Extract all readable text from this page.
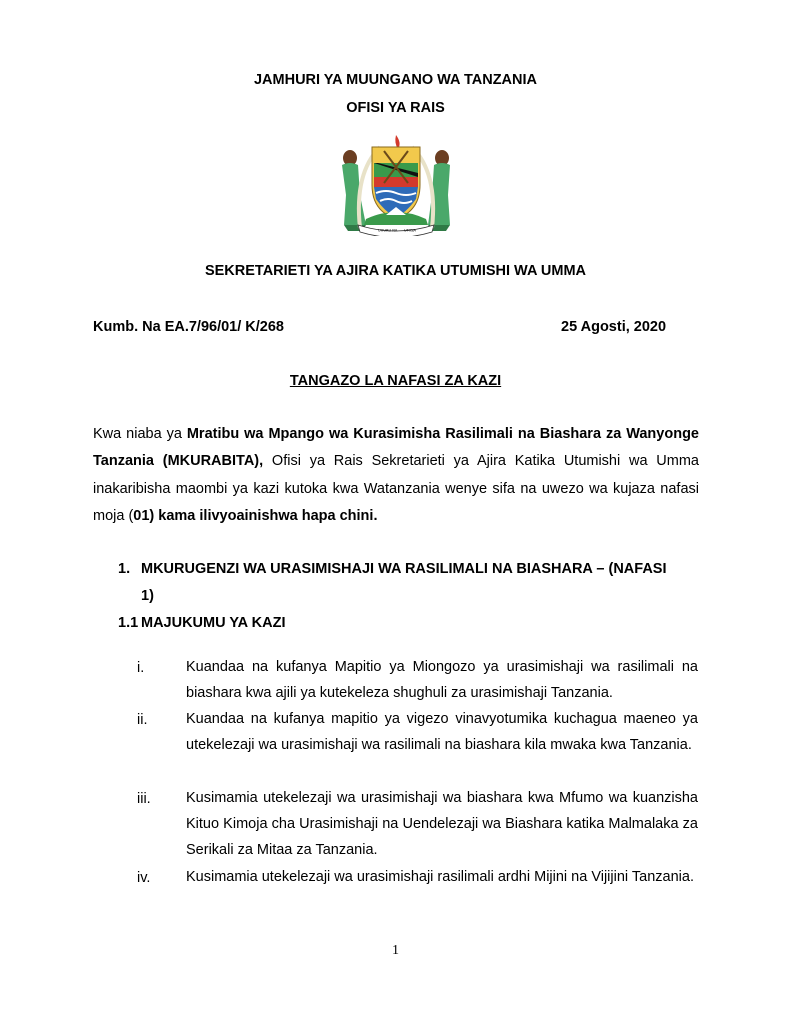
JAMHURI YA MUUNGANO WA TANZANIA
OFISI YA RAIS
UHURU NA UMOJA
SEKRETARIETI YA AJIRA KATIKA UTUMISHI WA UMMA
Kumb. Na EA.7/96/01/ K/268	25 Agosti, 2020
TANGAZO LA NAFASI ZA KAZI
Kwa niaba ya Mratibu wa Mpango wa Kurasimisha Rasilimali na Biashara za Wanyonge Tanzania (MKURABITA), Ofisi ya Rais Sekretarieti ya Ajira Katika Utumishi wa Umma inakaribisha maombi ya kazi kutoka kwa Watanzania wenye sifa na uwezo wa kujaza nafasi moja (01) kama ilivyoainishwa hapa chini.
1. MKURUGENZI WA URASIMISHAJI WA RASILIMALI NA BIASHARA – (NAFASI
1)
1.1 MAJUKUMU YA KAZI
i.	Kuandaa na kufanya Mapitio ya Miongozo ya urasimishaji wa rasilimali na biashara kwa ajili ya kutekeleza shughuli za urasimishaji Tanzania.
ii.	Kuandaa na kufanya mapitio ya vigezo vinavyotumika kuchagua maeneo ya utekelezaji wa urasimishaji wa rasilimali na biashara kila mwaka kwa Tanzania.
iii. Kusimamia utekelezaji wa urasimishaji wa biashara kwa Mfumo wa kuanzisha Kituo Kimoja cha Urasimishaji na Uendelezaji wa Biashara katika Malmalaka za Serikali za Mitaa za Tanzania.
iv. Kusimamia utekelezaji wa urasimishaji rasilimali ardhi Mijini na Vijijini Tanzania.
1
